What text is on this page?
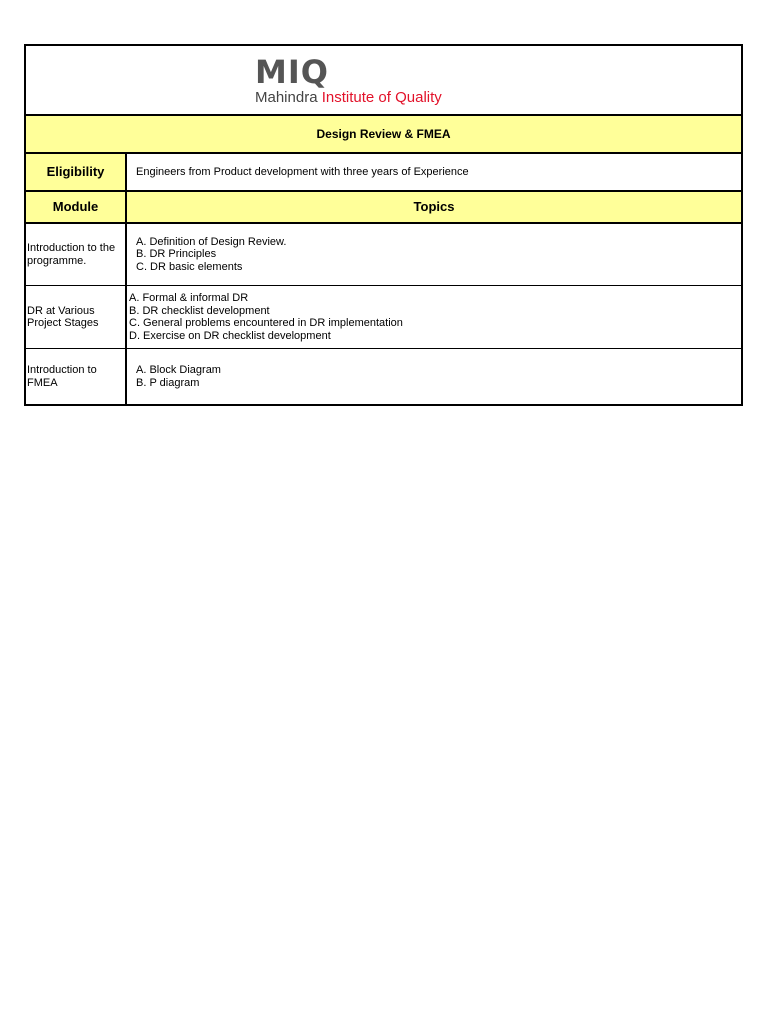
MIQ
Mahindra Institute of Quality
Design Review & FMEA
Eligibility	Engineers from Product development with three years of Experience
Module	Topics
Introduction to the
programme.
A. Definition of Design Review.
B. DR Principles
C. DR basic elements
DR at Various
Project Stages
A. Formal & informal DR
B. DR checklist development
C. General problems encountered in DR implementation
D. Exercise on DR checklist development
Introduction to
FMEA
A. Block Diagram
B. P diagram
